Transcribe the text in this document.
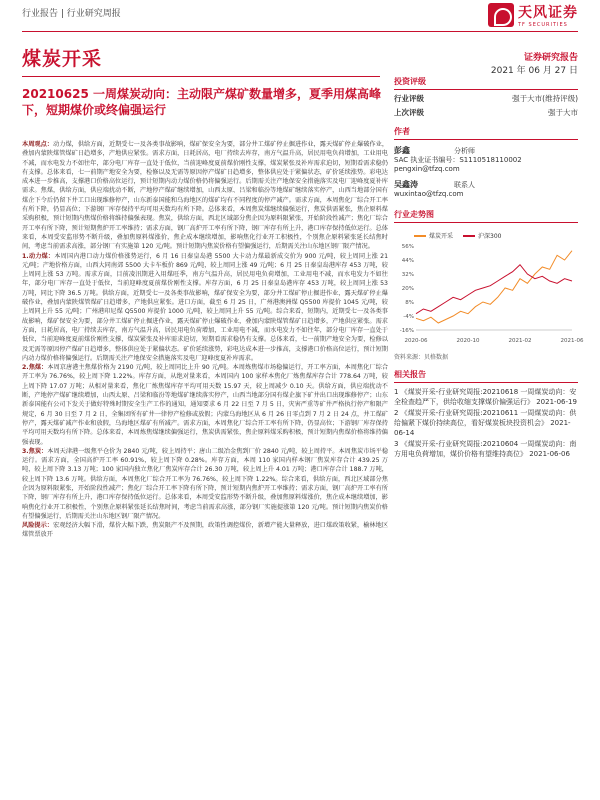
行业报告 | 行业研究周报	天风证券
TF SECURITIES
煤炭开采	证券研究报告
2021 年 06 月 27 日
20210625 一周煤炭动向：主动限产煤矿数量增多，夏季用煤高峰下，短期煤价或终偏强运行

本周观点：动力煤，供给方面，近期受七一及各类事故影响，煤矿保安全为要，部分井工煤矿停止掘进作业，露天煤矿停止爆破作业，叠加内蒙陕煤管煤矿日趋增多，产地供应紧张。需求方面，日耗居高，电厂持续去库存，南方气温升高，居民用电负荷增加，工业用电不减，而水电发力不如往年，部分电厂库存一直处于低位，当前迎峰度夏前煤价刚性支撑，煤炭紧张及补库需求迫切，短期看需求稳仍有支撑。总体来看，七一前期产地安全为要，检修以及无需等原因停产煤矿日趋增多，整体供应处于紧偏状态，矿价延续涨势。彩电达成本进一步推高，支撑港口价格高位运行，预计短期内动力煤价格仍将偏强运行。后期需关注产地保安全措施落实及电厂迎峰度夏补库需求。焦煤，供给方面，供应端扰动不断，产地停产煤矿继续增加，山西太原、吕梁和临汾等地煤矿继续落实停产，山西当地部分国有煤企下令后仍留下井工口出现维修停产，山东新泰国能和乌海地区的煤矿均有不同程度的停产减产。需求方面，本周焦化厂综合开工率有所下降，仍显高位；下游钢厂库存保持平均可用天数均有所下降。总体来看，本周焦炭煤继续偏强运行，焦炭供需紧张，焦企原料煤采购积极，预计短期内焦煤价格将维持偏强表现。焦炭，供给方面，西北区域部分焦企因为原料限紧张，开始阶段性减产；焦化厂综合开工率有所下降，预计短期焦炉开工率维持；需求方面，钢厂高炉开工率有所下降，钢厂库存有所上升，港口库存保持低位运行。总体来看，本周受安监形势不断升级，叠加焦原料煤涨价，焦企成本继续增加，影响焦化行业开工积极性，个别焦企原料紧张延长结焦时间，考虑当前需求高涨，部分钢厂有实施第 120 元/吨。预计短期内焦炭价格有望偏强运行，后期需关注山东地区钢厂限产情况。

1.动力煤：本周国内港口动力煤价格涨势运行，6 月 16 日秦皇岛港 5500 大卡动力煤最新成交价为 900 元/吨，较上周同上涨 21 元/吨；产地价格方面，山西大同南郊 5500 大卡车板价 869 元/吨，较上周同上涨 49 元/吨；6 月 25 日秦皇岛港库存 453 万吨，较上周同上涨 53 万吨。需求方面，目前凌汛期进入用煤旺季，南方气温升高，居民用电负荷增加，工业用电不减，而水电发力不如往年，部分电厂库存一直处于低位，当前迎峰度夏前煤价刚性支撑。库存方面，6 月 25 日秦皇岛港库存 453 万吨，较上周同上涨 53 万吨，同比下降 36.5 万吨。供给方面，近期受七一及各类事故影响，煤矿保安全为要，部分井工煤矿停止掘进作业，露天煤矿停止爆破作业，叠加内蒙陕煤管煤矿日趋增多，产地供应紧张。进口方面，截至 6 月 25 日，广州港澳洲煤 Q5500 库提价 1045 元/吨，较上周同上升 55 元/吨；广州港印尼煤 Q5500 库提价 1000 元/吨，较上周同上升 55 元/吨。综合来看，短期内，近期受七一及各类事故影响，煤矿保安全为要，部分井工煤矿停止掘进作业，露天煤矿停止爆破作业，叠加内蒙陕煤管煤矿日趋增多，产地供应紧张。需求方面，日耗居高，电厂持续去库存，南方气温升高，居民用电负荷增加，工业用电不减，而水电发力不如往年，部分电厂库存一直处于低位，当前迎峰度夏前煤价刚性支撑，煤炭紧张及补库需求迫切，短期看需求稳仍有支撑。总体来看，七一前期产地安全为要，检修以及无需等原因停产煤矿日趋增多，整体供应处于紧偏状态。矿价延续涨势，彩电达成本进一步推高，支撑港口价格高位运行，预计短期内动力煤价格将偏强运行。后期需关注产地保安全措施落实及电厂迎峰度夏补库需求。

2.焦煤：本周京唐港主焦煤价格为 2190 元/吨，较上周同比上升 90 元/吨。本周炼焦煤市场稳偏运行，开工率方面，本周焦化厂综合开工率为 76.76%，较上周下降 1.22%。库存方面，从绝对量来看，本周国内 100 家样本焦化厂炼焦煤库存合计 778.64 万吨，较上周下降 17.07 万吨；从相对量来看，焦化厂炼焦煤库存平均可用天数 15.97 天，较上周减少 0.10 天。供给方面，供应端扰动不断，产地停产煤矿继续增加，山西太原、吕梁和临汾等地煤矿继续落实停产，山西当地部分国有煤企旗下矿井出口出现维修停产；山东新泰国能有公司下发关于做好特殊时期安全生产工作的通知，通知要求 6 月 22 日至 7 月 5 日，灾害严重等矿井严格执行停产和限产规定，6 月 30 日至 7 月 2 日，全集团所有矿井一律停产检修或放假；内蒙乌海地区从 6 月 26 日零点到 7 月 2 日 24 点，井工煤矿停产，露天煤矿减产作业和放假，乌海地区煤矿有所减产。需求方面，本周焦化厂综合开工率有所下降，仍显高位；下游钢厂库存保持平均可用天数均有所下降。总体来看，本周炼焦煤继续偏强运行，焦炭供需紧张，焦企原料煤采购积极，预计短期内焦煤价格将维持偏强表现。

3.焦炭：本周天津港一级焦平仓价为 2840 元/吨，较上周持平；唐山二级冶金焦到厂价 2840 元/吨，较上周持平。本周焦炭市场平稳运行。需求方面，全国高炉开工率 60.91%，较上周下降 0.28%。库存方面，本周 110 家国内样本钢厂焦炭库存合计 439.25 万吨，较上周下降 3.13 万吨；100 家国内独立焦化厂焦炭库存合计 26.30 万吨，较上周上升 4.01 万吨；港口库存合计 188.7 万吨，较上周下降 13.6 万吨。供给方面，本周焦化厂综合开工率为 76.76%，较上周下降 1.22%。综合来看，供给方面，西北区域部分焦企因为原料限紧张，开始阶段性减产；焦化厂综合开工率下降有所下降，预计短期内焦炉开工率维持；需求方面，钢厂高炉开工率有所下降，钢厂库存有所上升，港口库存保持低位运行。总体来看，本周受安监形势不断升级，叠加焦原料煤涨价，焦企成本继续增加，影响焦化行业开工积极性，个别焦企原料紧张延长结焦时间，考虑当前需求高涨，部分钢厂实施提涨第 120 元/吨。预计短期内焦炭价格有望偏强运行，后期需关注山东地区钢厂限产情况。

风险提示：宏观经济大幅下滑，煤价大幅下跌，焦炭限产不及预期，政策性调控煤价，新增产能大量释放，进口煤政策收紧，榆林地区煤管票放开

投资评级
行业评级	强于大市(维持评级)
上次评级	强于大市
作者
彭鑫	分析师
SAC 执业证书编号：S1110518110002
pengxin@tfzq.com
吴鑫涛	联系人
wuxintao@tfzq.com
行业走势图
煤炭开采	沪深300
-16%
-4%
8%
20%
32%
44%
56%
2020-06	2020-10	2021-02	2021-06
资料来源：贝格数据
相关报告

1 《煤炭开采-行业研究周报:20210618 一周煤炭动向：安全检查趋严下，供给收缩支撑煤价偏强运行》 2021-06-19

2 《煤炭开采-行业研究周报:20210611 一周煤炭动向：供给偏紧下煤价持续高位，看好煤炭板块投资机会》 2021-06-14

3 《煤炭开采-行业研究周报:20210604 一周煤炭动向：南方用电负荷增加，煤价价格有望维持高位》 2021-06-06
